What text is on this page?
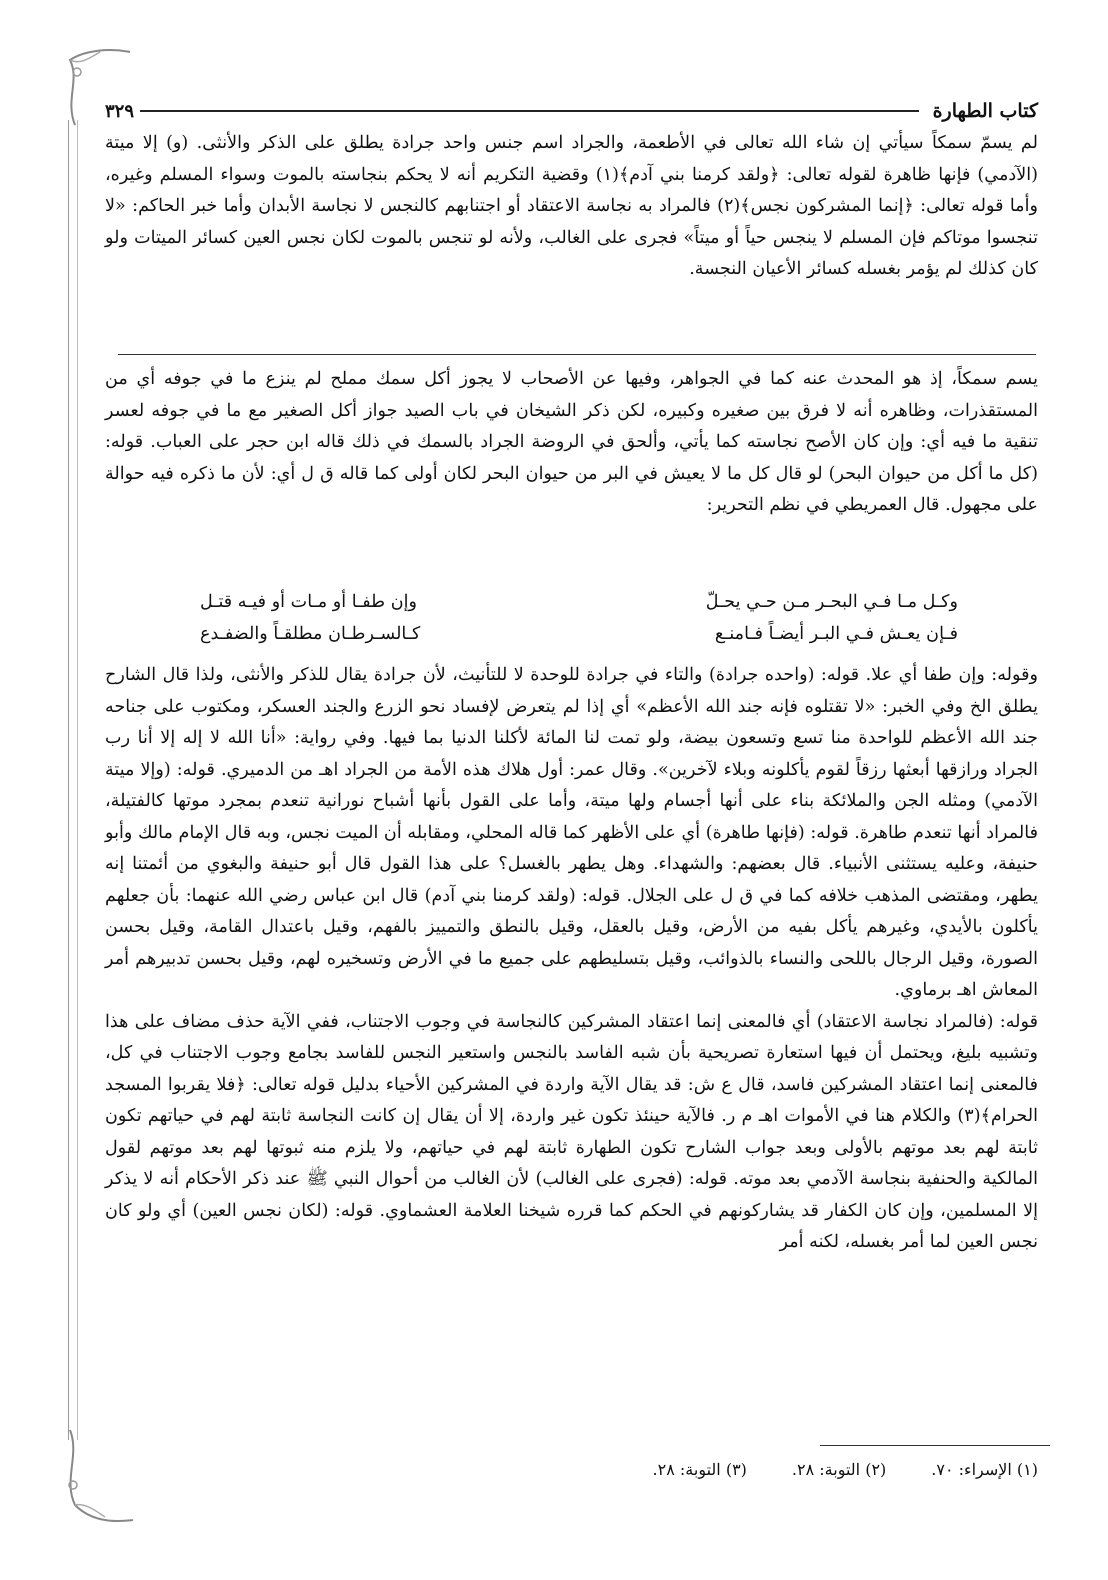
كتاب الطهارة
٣٢٩

لم يسمّ سمكاً سيأتي إن شاء الله تعالى في الأطعمة، والجراد اسم جنس واحد جرادة يطلق على الذكر والأنثى. (و) إلا ميتة (الآدمي) فإنها ظاهرة لقوله تعالى: ﴿ولقد كرمنا بني آدم﴾(١) وقضية التكريم أنه لا يحكم بنجاسته بالموت وسواء المسلم وغيره، وأما قوله تعالى: ﴿إنما المشركون نجس﴾(٢) فالمراد به نجاسة الاعتقاد أو اجتنابهم كالنجس لا نجاسة الأبدان وأما خبر الحاكم: «لا تنجسوا موتاكم فإن المسلم لا ينجس حياً أو ميتاً» فجرى على الغالب، ولأنه لو تنجس بالموت لكان نجس العين كسائر الميتات ولو كان كذلك لم يؤمر بغسله كسائر الأعيان النجسة.

يسم سمكاً، إذ هو المحدث عنه كما في الجواهر، وفيها عن الأصحاب لا يجوز أكل سمك مملح لم ينزع ما في جوفه أي من المستقذرات، وظاهره أنه لا فرق بين صغيره وكبيره، لكن ذكر الشيخان في باب الصيد جواز أكل الصغير مع ما في جوفه لعسر تنقية ما فيه أي: وإن كان الأصح نجاسته كما يأتي، وألحق في الروضة الجراد بالسمك في ذلك قاله ابن حجر على العباب. قوله: (كل ما أكل من حيوان البحر) لو قال كل ما لا يعيش في البر من حيوان البحر لكان أولى كما قاله ق ل أي: لأن ما ذكره فيه حوالة على مجهول. قال العمريطي في نظم التحرير:

وكـل مـا فـي البحـر مـن حـي يحـلّ
وإن طفـا أو مـات أو فيـه قتـل
فـإن يعـش فـي البـر أيضـاً فـامنـع
كـالسـرطـان مطلقـاً والضفـدع

وقوله: وإن طفا أي علا. قوله: (واحده جرادة) والتاء في جرادة للوحدة لا للتأنيث، لأن جرادة يقال للذكر والأنثى، ولذا قال الشارح يطلق الخ وفي الخبر: «لا تقتلوه فإنه جند الله الأعظم» أي إذا لم يتعرض لإفساد نحو الزرع والجند العسكر، ومكتوب على جناحه جند الله الأعظم للواحدة منا تسع وتسعون بيضة، ولو تمت لنا المائة لأكلنا الدنيا بما فيها. وفي رواية: «أنا الله لا إله إلا أنا رب الجراد ورازقها أبعثها رزقاً لقوم يأكلونه وبلاء لآخرين». وقال عمر: أول هلاك هذه الأمة من الجراد اهـ من الدميري. قوله: (وإلا ميتة الآدمي) ومثله الجن والملائكة بناء على أنها أجسام ولها ميتة، وأما على القول بأنها أشباح نورانية تنعدم بمجرد موتها كالفتيلة، فالمراد أنها تنعدم طاهرة. قوله: (فإنها طاهرة) أي على الأظهر كما قاله المحلي، ومقابله أن الميت نجس، وبه قال الإمام مالك وأبو حنيفة، وعليه يستثنى الأنبياء. قال بعضهم: والشهداء. وهل يطهر بالغسل؟ على هذا القول قال أبو حنيفة والبغوي من أئمتنا إنه يطهر، ومقتضى المذهب خلافه كما في ق ل على الجلال. قوله: (ولقد كرمنا بني آدم) قال ابن عباس رضي الله عنهما: بأن جعلهم يأكلون بالأيدي، وغيرهم يأكل بفيه من الأرض، وقيل بالعقل، وقيل بالنطق والتمييز بالفهم، وقيل باعتدال القامة، وقيل بحسن الصورة، وقيل الرجال باللحى والنساء بالذوائب، وقيل بتسليطهم على جميع ما في الأرض وتسخيره لهم، وقيل بحسن تدبيرهم أمر المعاش اهـ برماوي.

قوله: (فالمراد نجاسة الاعتقاد) أي فالمعنى إنما اعتقاد المشركين كالنجاسة في وجوب الاجتناب، ففي الآية حذف مضاف على هذا وتشبيه بليغ، ويحتمل أن فيها استعارة تصريحية بأن شبه الفاسد بالنجس واستعير النجس للفاسد بجامع وجوب الاجتناب في كل، فالمعنى إنما اعتقاد المشركين فاسد، قال ع ش: قد يقال الآية واردة في المشركين الأحياء بدليل قوله تعالى: ﴿فلا يقربوا المسجد الحرام﴾(٣) والكلام هنا في الأموات اهـ م ر. فالآية حينئذ تكون غير واردة، إلا أن يقال إن كانت النجاسة ثابتة لهم في حياتهم تكون ثابتة لهم بعد موتهم بالأولى وبعد جواب الشارح تكون الطهارة ثابتة لهم في حياتهم، ولا يلزم منه ثبوتها لهم بعد موتهم لقول المالكية والحنفية بنجاسة الآدمي بعد موته. قوله: (فجرى على الغالب) لأن الغالب من أحوال النبي ﷺ عند ذكر الأحكام أنه لا يذكر إلا المسلمين، وإن كان الكفار قد يشاركونهم في الحكم كما قرره شيخنا العلامة العشماوي. قوله: (لكان نجس العين) أي ولو كان نجس العين لما أمر بغسله، لكنه أمر

(١) الإسراء: ٧٠.
(٢) التوبة: ٢٨.
(٣) التوبة: ٢٨.
